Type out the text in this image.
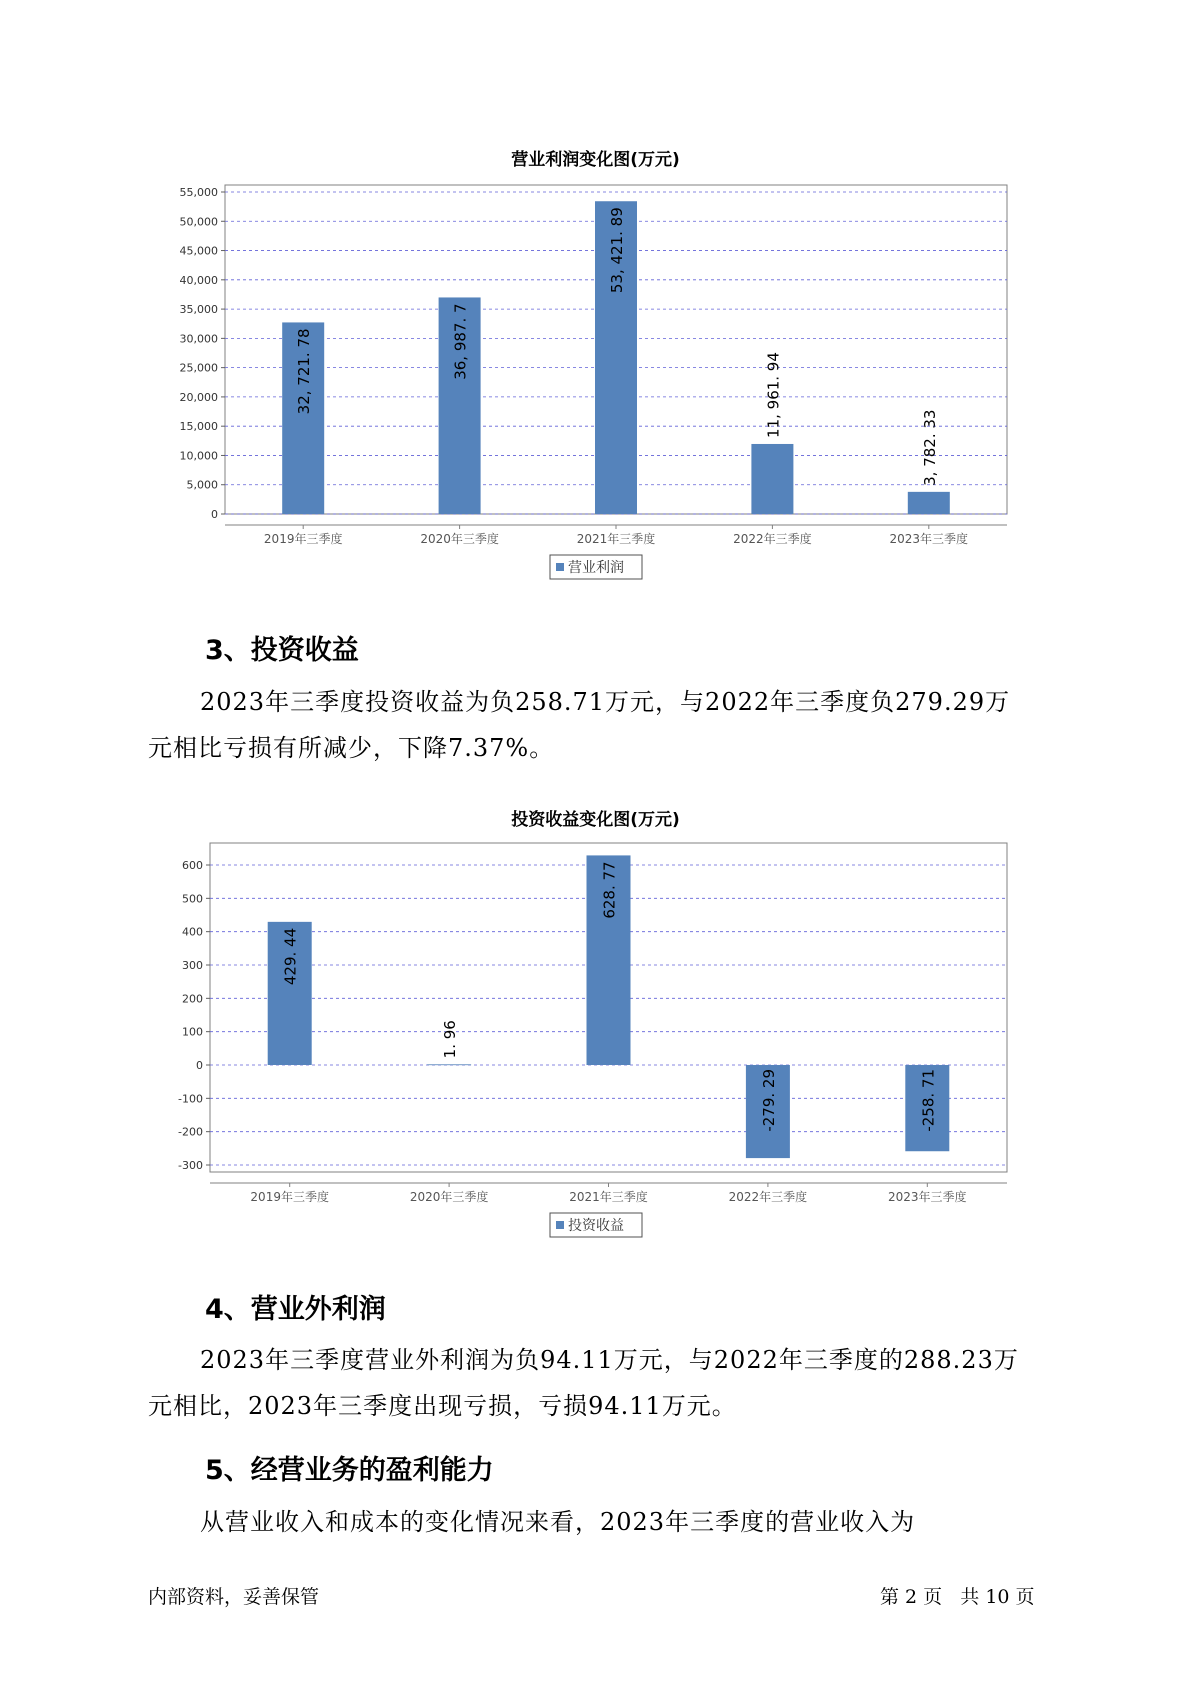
营业利润变化图(万元)
0
5,000
10,000
15,000
20,000
25,000
30,000
35,000
40,000
45,000
50,000
55,000
32, 721. 78
2019年三季度
36, 987. 7
2020年三季度
53, 421. 89
2021年三季度
11, 961. 94
2022年三季度
3, 782. 33
2023年三季度
营业利润
3、投资收益
2023年三季度投资收益为负258.71万元，与2022年三季度负279.29万
元相比亏损有所减少，下降7.37%。
投资收益变化图(万元)
-300
-200
-100
0
100
200
300
400
500
600
429. 44
2019年三季度
1. 96
2020年三季度
628. 77
2021年三季度
-279. 29
2022年三季度
-258. 71
2023年三季度
投资收益
4、营业外利润
2023年三季度营业外利润为负94.11万元，与2022年三季度的288.23万
元相比，2023年三季度出现亏损，亏损94.11万元。
5、经营业务的盈利能力
从营业收入和成本的变化情况来看，2023年三季度的营业收入为
内部资料，妥善保管	第 2 页   共 10 页
